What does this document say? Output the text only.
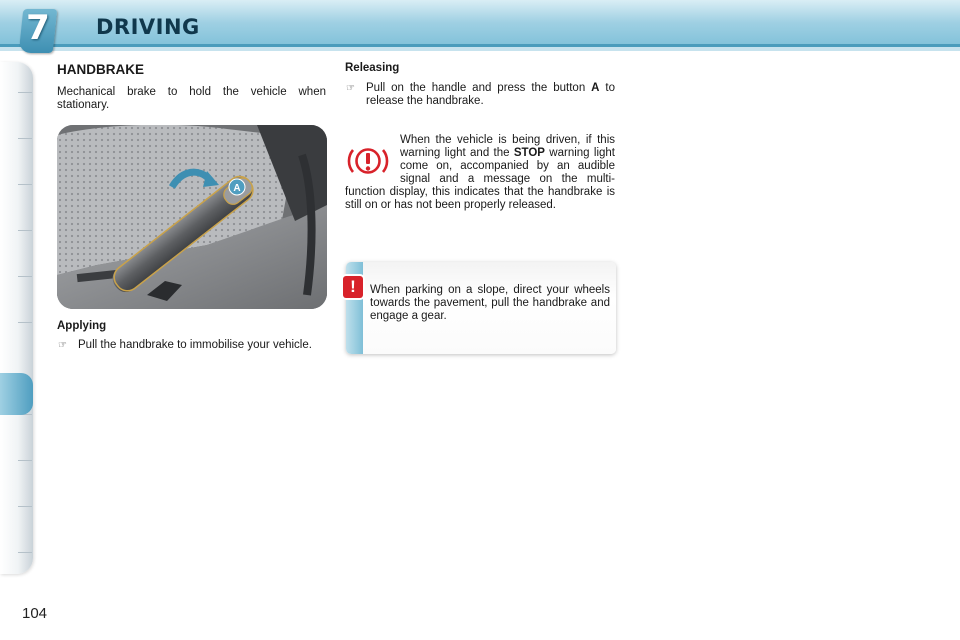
7 DRIVING

HANDBRAKE

Mechanical brake to hold the vehicle when stationary.

A

Applying

☞ Pull the handbrake to immobilise your vehicle.

Releasing

☞ Pull on the handle and press the button A to release the handbrake.
When the vehicle is being driven, if this warning light and the STOP warning light come on, accompanied by an audible signal and a message on the multi-function display, this indicates that the handbrake is still on or has not been properly released.
!	When parking on a slope, direct your wheels towards the pavement, pull the handbrake and engage a gear.
104
